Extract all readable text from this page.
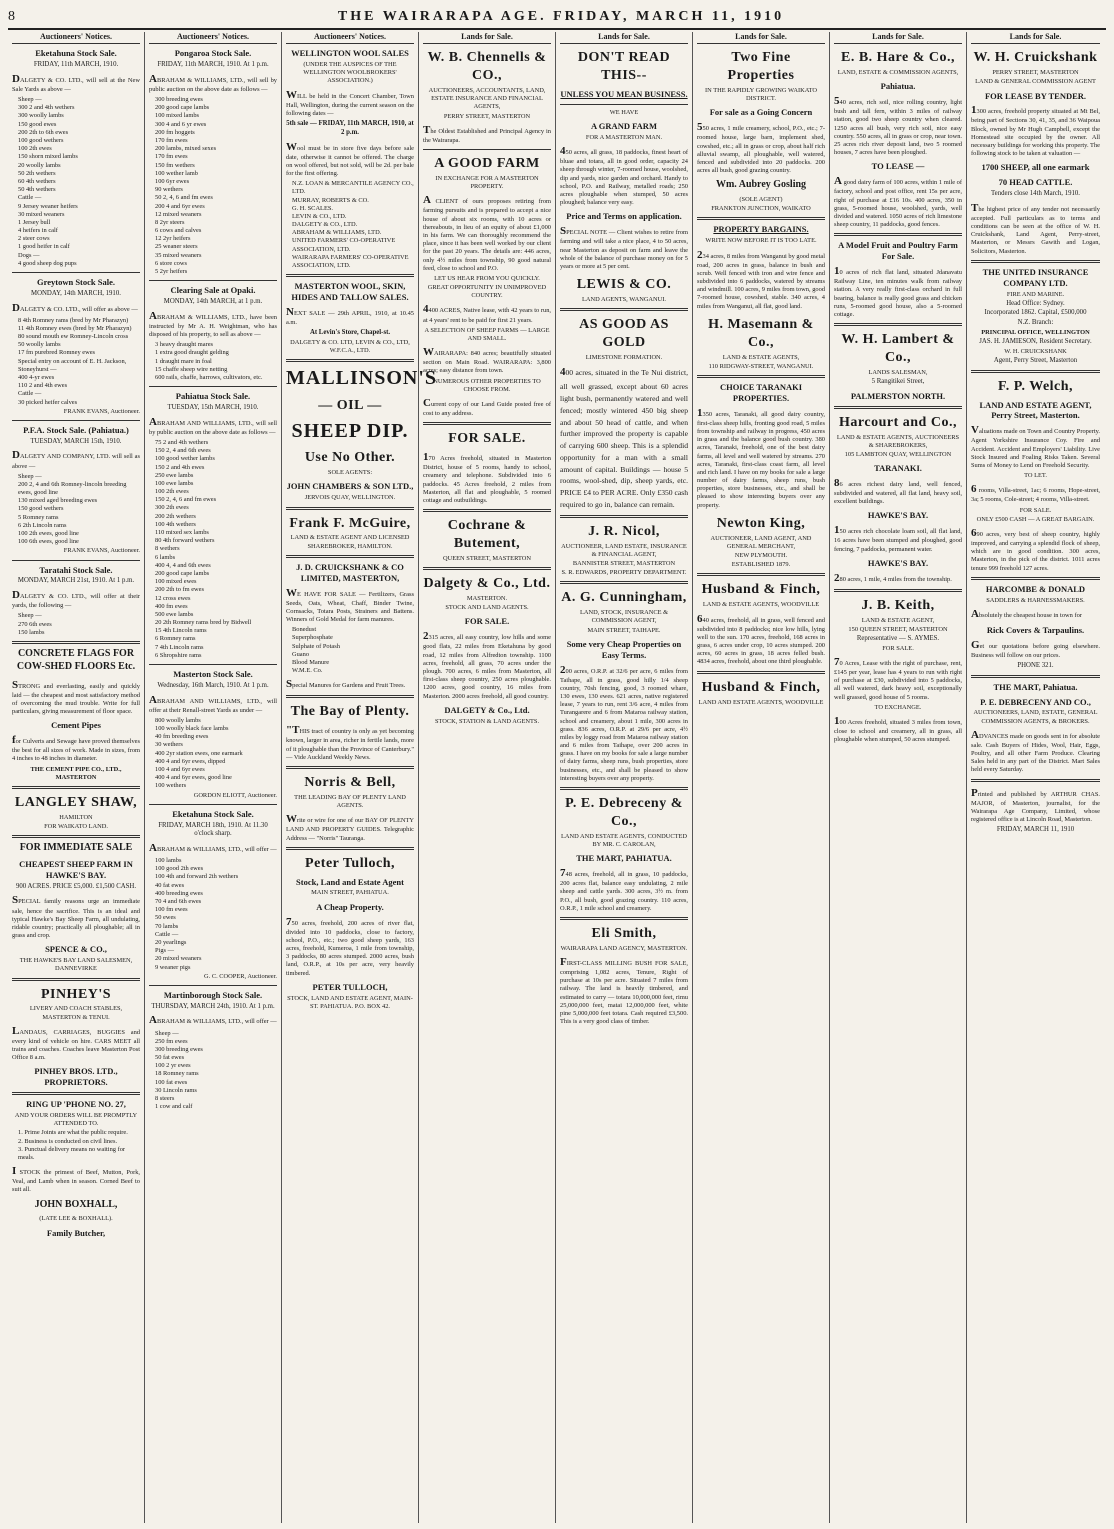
8	THE WAIRARAPA AGE. FRIDAY, MARCH 11, 1910
Auctioneers' Notices.
Eketahuna Stock Sale.
FRIDAY, 11th MARCH, 1910.
DALGETY & CO. LTD., will sell at the New Sale Yards as above —
Sheep —
300 2 and 4th wethers
300 woolly lambs
150 good ewes
200 2th to 6th ewes
100 good wethers
100 2th ewes
150 shorn mixed lambs
20 woolly lambs
50 2th wethers
60 4th wethers
50 4th wethers
Cattle —
9 Jersey weaner heifers
30 mixed weaners
1 Jersey bull
4 heifers in calf
2 steer cows
1 good heifer in calf
Dogs —
4 good sheep dog pups
Greytown Stock Sale.
MONDAY, 14th MARCH, 1910.
DALGETY & CO. LTD., will offer as above —
8 4th Romney rams (bred by Mr Pharazyn)
11 4th Romney ewes (bred by Mr Pharazyn)
80 sound mouth ew Romney-Lincoln cross
50 woolly lambs
17 fm purebred Romney ewes
Special entry on account of E. H. Jackson, Stoneyhurst —
400 4-yr ewes
110 2 and 4th ewes
Cattle —
30 picked heifer calves
FRANK EVANS, Auctioneer.
P.F.A. Stock Sale. (Pahiatua.)
TUESDAY, MARCH 15th, 1910.
DALGETY AND COMPANY, LTD. will sell as above —
Sheep —
200 2, 4 and 6th Romney-lincoln breeding ewes, good line
130 mixed aged breeding ewes
150 good wethers
5 Romney rams
6 2th Lincoln rams
100 2th ewes, good line
100 6th ewes, good line
FRANK EVANS, Auctioneer.
Taratahi Stock Sale.
MONDAY, MARCH 21st, 1910. At 1 p.m.
DALGETY & CO. LTD., will offer at their yards, the following —
Sheep —
270 6th ewes
150 lambs
CONCRETE FLAGS FOR COW-SHED FLOORS Etc.
STRONG and everlasting, easily and quickly laid — the cheapest and most satisfactory method of overcoming the mud trouble. Write for full particulars, giving measurement of floor space.
Cement Pipes
for Culverts and Sewage have proved themselves the best for all sizes of work. Made in sizes, from 4 inches to 48 inches in diameter.
THE CEMENT PIPE CO., LTD., MASTERTON
LANGLEY SHAW,
HAMILTON
FOR WAIKATO LAND.
FOR IMMEDIATE SALE
CHEAPEST SHEEP FARM IN HAWKE'S BAY.
900 ACRES. PRICE £5,000. £1,500 CASH.
SPECIAL family reasons urge an immediate sale, hence the sacrifice. This is an ideal and typical Hawke's Bay Sheep Farm, all undulating, ridable country; practically all ploughable; all in grass and crop.
SPENCE & CO.,
THE HAWKE'S BAY LAND SALESMEN, DANNEVIRKE
PINHEY'S
LIVERY AND COACH STABLES, MASTERTON & TENUI.
LANDAUS, CARRIAGES, BUGGIES and every kind of vehicle on hire. CARS MEET all trains and coaches. Coaches leave Masterton Post Office 8 a.m.
PINHEY BROS. LTD., PROPRIETORS.
RING UP 'PHONE NO. 27,
AND YOUR ORDERS WILL BE PROMPTLY ATTENDED TO.
1. Prime Joints are what the public require.
2. Business is conducted on civil lines.
3. Punctual delivery means no waiting for meals.
I STOCK the primest of Beef, Mutton, Pork, Veal, and Lamb when in season. Corned Beef to suit all.
JOHN BOXHALL,
(LATE LEE & BOXHALL).
Family Butcher,
Auctioneers' Notices.
Pongaroa Stock Sale.
FRIDAY, 11th MARCH, 1910. At 1 p.m.
ABRAHAM & WILLIAMS, LTD., will sell by public auction on the above date as follows —
300 breeding ewes
200 good cape lambs
100 mixed lambs
300 4 and 6 yr ewes
200 fm hoggets
170 fm ewes
200 lambs, mixed sexes
170 fm ewes
150 fm wethers
100 wether lamb
100 6yr ewes
90 wethers
50 2, 4, 6 and fm ewes
200 4 and 6yr ewes
12 mixed weaners
8 2yr steers
6 cows and calves
12 2yr heifers
25 weaner steers
35 mixed weaners
6 store cows
5 2yr heifers
Clearing Sale at Opaki.
MONDAY, 14th MARCH, at 1 p.m.
ABRAHAM & WILLIAMS, LTD., have been instructed by Mr A. H. Weightman, who has disposed of his property, to sell as above —
3 heavy draught mares
1 extra good draught gelding
1 draught mare in foal
15 chaffe sheep wire netting
600 rails, chaffe, harrows, cultivators, etc.
Pahiatua Stock Sale.
TUESDAY, 15th MARCH, 1910.
ABRAHAM AND WILLIAMS, LTD., will sell by public auction on the above date as follows —
75 2 and 4th wethers
150 2, 4 and 6th ewes
100 good wether lambs
150 2 and 4th ewes
250 ewe lambs
100 ewe lambs
100 2th ewes
150 2, 4, 6 and fm ewes
300 2th ewes
200 2th wethers
100 4th wethers
110 mixed sex lambs
80 4th forward wethers
8 wethers
6 lambs
400 4, 4 and 6th ewes
200 good cape lambs
100 mixed ewes
200 2th to fm ewes
12 cross ewes
400 fm ewes
500 ewe lambs
20 2th Romney rams bred by Bidwell
15 4th Lincoln rams
6 Romney rams
7 4th Lincoln rams
6 Shropshire rams
Masterton Stock Sale.
Wednesday, 16th March, 1910. At 1 p.m.
ABRAHAM AND WILLIAMS, LTD., will offer at their Renall-street Yards as under —
800 woolly lambs
100 woolly black face lambs
40 fm breeding ewes
30 wethers
400 2yr station ewes, one earmark
400 4 and 6yr ewes, dipped
100 4 and 6yr ewes
400 4 and 6yr ewes, good line
100 wethers
GORDON ELIOTT, Auctioneer.
Eketahuna Stock Sale.
FRIDAY, MARCH 18th, 1910. At 11.30 o'clock sharp.
ABRAHAM & WILLIAMS, LTD., will offer —
100 lambs
100 good 2th ewes
100 4th and forward 2th wethers
40 fat ewes
400 breeding ewes
70 4 and 6th ewes
100 fm ewes
50 ewes
70 lambs
Cattle —
20 yearlings
Pigs —
20 mixed weaners
9 weaner pigs
G. C. COOPER, Auctioneer.
Martinborough Stock Sale.
THURSDAY, MARCH 24th, 1910. At 1 p.m.
ABRAHAM & WILLIAMS, LTD., will offer —
Sheep —
250 fm ewes
300 breeding ewes
50 fat ewes
100 2 yr ewes
18 Romney rams
100 fat ewes
30 Lincoln rams
8 steers
1 cow and calf
Auctioneers' Notices.
WELLINGTON WOOL SALES
(UNDER THE AUSPICES OF THE WELLINGTON WOOLBROKERS' ASSOCIATION.)
WILL be held in the Concert Chamber, Town Hall, Wellington, during the current season on the following dates —
5th sale — FRIDAY, 11th MARCH, 1910, at 2 p.m.
Wool must be in store five days before sale date, otherwise it cannot be offered. The charge on wool offered, but not sold, will be 2d. per bale for the first offering.
N.Z. LOAN & MERCANTILE AGENCY CO., LTD.
MURRAY, ROBERTS & CO.
G. H. SCALES.
LEVIN & CO., LTD.
DALGETY & CO., LTD.
ABRAHAM & WILLIAMS, LTD.
UNITED FARMERS' CO-OPERATIVE ASSOCIATION, LTD.
WAIRARAPA FARMERS' CO-OPERATIVE ASSOCIATION, LTD.
MASTERTON WOOL, SKIN, HIDES AND TALLOW SALES.
NEXT SALE — 29th APRIL, 1910, at 10.45 a.m.
At Levin's Store, Chapel-st.
DALGETY & CO. LTD, LEVIN & CO., LTD, W.F.C.A., LTD.
MALLINSON'S
— OIL —
SHEEP DIP.
Use No Other.
SOLE AGENTS:
JOHN CHAMBERS & SON LTD.,
JERVOIS QUAY, WELLINGTON.
Frank F. McGuire,
LAND & ESTATE AGENT AND LICENSED SHAREBROKER, HAMILTON.
J. D. CRUICKSHANK & CO LIMITED, MASTERTON,
WE HAVE FOR SALE — Fertilizers, Grass Seeds, Oats, Wheat, Chaff, Binder Twine, Cornsacks, Totara Posts, Strainers and Battens. Winners of Gold Medal for farm manures.
Bonedust
Superphosphate
Sulphate of Potash
Guano
Blood Manure
W.M.E. Co.
Special Manures for Gardens and Fruit Trees.
The Bay of Plenty.
"THIS tract of country is only as yet becoming known, larger in area, richer in fertile lands, more of it ploughable than the Province of Canterbury." — Vide Auckland Weekly News.
Norris & Bell,
THE LEADING BAY OF PLENTY LAND AGENTS.
Write or wire for one of our BAY OF PLENTY LAND AND PROPERTY GUIDES. Telegraphic Address — "Norris" Tauranga.
Peter Tulloch,
Stock, Land and Estate Agent
MAIN STREET, PAHIATUA.
A Cheap Property.
750 acres, freehold, 200 acres of river flat, divided into 10 paddocks, close to factory, school, P.O., etc.; two good sheep yards, 163 acres, freehold, Kumeroa, 1 mile from township, 3 paddocks, 80 acres stumped. 2000 acres, bush land, O.R.P., at 10s per acre, very heavily timbered.
PETER TULLOCH,
STOCK, LAND AND ESTATE AGENT, MAIN-ST. PAHIATUA. P.O. BOX 42.
Lands for Sale.
W. B. Chennells & CO.,
AUCTIONEERS, ACCOUNTANTS, LAND, ESTATE INSURANCE AND FINANCIAL AGENTS,
PERRY STREET, MASTERTON
The Oldest Established and Principal Agency in the Wairarapa.
A GOOD FARM
IN EXCHANGE FOR A MASTERTON PROPERTY.
A CLIENT of ours proposes retiring from farming pursuits and is prepared to accept a nice house of about six rooms, with 10 acres or thereabouts, in lieu of an equity of about £1,000 in his farm. We can thoroughly recommend the place, since it has been well worked by our client for the past 20 years. The details are: 446 acres, only 4½ miles from township, 90 good natural feed, close to school and P.O.
LET US HEAR FROM YOU QUICKLY.
GREAT OPPORTUNITY IN UNIMPROVED COUNTRY.
4400 ACRES, Native lease, with 42 years to run, at 4 years' rent to be paid for first 21 years.
A SELECTION OF SHEEP FARMS — LARGE AND SMALL.
WAIRARAPA: 840 acres; beautifully situated section on Main Road. WAIRARAPA: 3,800 acres; easy distance from town.
NUMEROUS OTHER PROPERTIES TO CHOOSE FROM.
Current copy of our Land Guide posted free of cost to any address.
FOR SALE.
170 Acres freehold, situated in Masterton District, house of 5 rooms, handy to school, creamery and telephone. Subdivided into 6 paddocks. 45 Acres freehold, 2 miles from Masterton, all flat and ploughable, 5 roomed cottage and outbuildings.
Cochrane & Butement,
QUEEN STREET, MASTERTON
Dalgety & Co., Ltd.
MASTERTON.
STOCK AND LAND AGENTS.
FOR SALE.
2315 acres, all easy country, low hills and some good flats, 22 miles from Eketahuna by good road, 12 miles from Alfredton township. 1100 acres, freehold, all grass, 70 acres under the plough. 700 acres, 6 miles from Masterton, all first-class sheep country, 250 acres ploughable. 1200 acres, good country, 16 miles from Masterton. 2000 acres freehold, all good country.
DALGETY & Co., Ltd.
STOCK, STATION & LAND AGENTS.
Lands for Sale.
DON'T READ THIS--
UNLESS YOU MEAN BUSINESS.
WE HAVE
A GRAND FARM
FOR A MASTERTON MAN.
450 acres, all grass, 18 paddocks, finest heart of bluae and totara, all in good order, capacity 24 sheep through winter, 7-roomed house, woolshed, dip and yards, nice garden and orchard. Handy to school, P.O. and Railway, metalled roads; 250 acres ploughable when stumped, 50 acres ploughed; balance very easy.
Price and Terms on application.
SPECIAL NOTE — Client wishes to retire from farming and will take a nice place, 4 to 50 acres, near Masterton as deposit on farm and leave the whole of the balance of purchase money on for 5 years or more at 5 per cent.
LEWIS & CO.
LAND AGENTS, WANGANUI.
AS GOOD AS GOLD
LIMESTONE FORMATION.
400 acres, situated in the Te Nui district, all well grassed, except about 60 acres light bush, permanently watered and well fenced; mostly wintered 450 big sheep and about 50 head of cattle, and when further improved the property is capable of carrying 600 sheep. This is a splendid opportunity for a man with a small amount of capital. Buildings — house 5 rooms, wool-shed, dip, sheep yards, etc. PRICE £4 to PER ACRE. Only £350 cash required to go in, balance can remain.
J. R. Nicol,
AUCTIONEER, LAND ESTATE, INSURANCE & FINANCIAL AGENT,
BANNISTER STREET, MASTERTON
S. R. EDWARDS, PROPERTY DEPARTMENT.
A. G. Cunningham,
LAND, STOCK, INSURANCE & COMMISSION AGENT,
MAIN STREET, TAIHAPE.
Some very Cheap Properties on Easy Terms.
200 acres, O.R.P. at 32/6 per acre, 6 miles from Taihape, all in grass, good hilly 1/4 sheep country, 70sh fencing, good, 3 roomed whare, 130 ewes, 130 ewes. 621 acres, native registered lease, 7 years to run, rent 3/6 acre, 4 miles from Turangarere and 6 from Mataroa railway station, school and creamery, about 1 mile, 300 acres in grass. 836 acres, O.R.P. at 29/6 per acre, 4½ miles by loggy road from Mataroa railway station and 6 miles from Taihape, over 200 acres in grass. I have on my books for sale a large number of dairy farms, sheep runs, bush properties, store businesses, etc., and shall be pleased to show interesting buyers over any property.
P. E. Debreceny & Co.,
LAND AND ESTATE AGENTS, CONDUCTED BY MR. C. CAROLAN,
THE MART, PAHIATUA.
748 acres, freehold, all in grass, 10 paddocks, 200 acres flat, balance easy undulating, 2 mile sheep and cattle yards. 300 acres, 3½ m. from P.O., all bush, good grazing country. 110 acres, O.R.P., 1 mile school and creamery.
Eli Smith,
WAIRARAPA LAND AGENCY, MASTERTON.
FIRST-CLASS MILLING BUSH FOR SALE, comprising 1,082 acres, Tenure, Right of purchase at 10s per acre. Situated 7 miles from railway. The land is heavily timbered, and estimated to carry — totara 10,000,000 feet, rimu 25,000,000 feet, matai 12,000,000 feet, white pine 5,000,000 feet totara. Cash required £3,500. This is a very good class of timber.
Lands for Sale.
Two Fine Properties
IN THE RAPIDLY GROWING WAIKATO DISTRICT.
For sale as a Going Concern
550 acres, 1 mile creamery, school, P.O., etc.; 7-roomed house, large barn, implement shed, cowshed, etc.; all in grass or crop, about half rich alluvial swamp, all ploughable, well watered, fenced and subdivided into 20 paddocks. 200 acres all bush, good grazing country.
Wm. Aubrey Gosling
(SOLE AGENT)
FRANKTON JUNCTION, WAIKATO
PROPERTY BARGAINS.
WRITE NOW BEFORE IT IS TOO LATE.
234 acres, 8 miles from Wanganui by good metal road, 200 acres in grass, balance in bush and scrub. Well fenced with iron and wire fence and subdivided into 6 paddocks, watered by streams and windmill. 100 acres, 9 miles from town, good 7-roomed house, cowshed, stable. 340 acres, 4 miles from Wanganui, all flat, good land.
H. Masemann & Co.,
LAND & ESTATE AGENTS,
110 RIDGWAY-STREET, WANGANUI.
CHOICE TARANAKI PROPERTIES.
1350 acres, Taranaki, all good dairy country, first-class sheep hills, fronting good road, 5 miles from township and railway in progress, 450 acres in grass and the balance good bush country. 380 acres, Taranaki, freehold, one of the best dairy farms, all level and well watered by streams. 270 acres, Taranaki, first-class coast farm, all level and rich land. I have on my books for sale a large number of dairy farms, sheep runs, bush properties, store businesses, etc., and shall be pleased to show interesting buyers over any property.
Newton King,
AUCTIONEER, LAND AGENT, AND GENERAL MERCHANT,
NEW PLYMOUTH.
ESTABLISHED 1879.
Husband & Finch,
LAND & ESTATE AGENTS, WOODVILLE
640 acres, freehold, all in grass, well fenced and subdivided into 8 paddocks; nice low hills, lying well to the sun. 170 acres, freehold, 168 acres in grass, 6 acres under crop, 10 acres stumped. 200 acres, 60 acres in grass, 18 acres felled bush. 4834 acres, freehold, about one third ploughable.
Husband & Finch,
LAND AND ESTATE AGENTS, WOODVILLE
Lands for Sale.
E. B. Hare & Co.,
LAND, ESTATE & COMMISSION AGENTS,
Pahiatua.
540 acres, rich soil, nice rolling country, light bush and tall fern, within 3 miles of railway station, good two sheep country when cleared. 1250 acres all bush, very rich soil, nice easy country. 550 acres, all in grass or crop, near town. 25 acres rich river deposit land, two 5 roomed houses, 7 acres have been ploughed.
TO LEASE —
A good dairy farm of 100 acres, within 1 mile of factory, school and post office, rent 15s per acre, right of purchase at £16 10s. 400 acres, 350 in grass, 5-roomed house, woolshed, yards, well divided and watered. 1050 acres of rich limestone sheep country, 11 paddocks, good fences.
A Model Fruit and Poultry Farm For Sale.
10 acres of rich flat land, situated Jdanavatu Railway Line, ten minutes walk from railway station. A very really first-class orchard in full bearing, balance is really good grass and chicken runs, 5-roomed good house, also a 5-roomed cottage.
W. H. Lambert & Co.,
LANDS SALESMAN,
5 Rangitikei Street,
PALMERSTON NORTH.
Harcourt and Co.,
LAND & ESTATE AGENTS, AUCTIONEERS & SHAREBROKERS,
105 LAMBTON QUAY, WELLINGTON
TARANAKI.
86 acres richest dairy land, well fenced, subdivided and watered, all flat land, heavy soil, excellent buildings.
HAWKE'S BAY.
150 acres rich chocolate loam soil, all flat land, 16 acres have been stumped and ploughed, good fencing, 7 paddocks, permanent water.
HAWKE'S BAY.
280 acres, 1 mile, 4 miles from the township.
J. B. Keith,
LAND & ESTATE AGENT,
150 QUEEN STREET, MASTERTON
Representative — S. AYMES.
FOR SALE.
70 Acres, Lease with the right of purchase, rent, £145 per year, lease has 4 years to run with right of purchase at £30, subdivided into 5 paddocks, all well watered, dark heavy soil, exceptionally well grassed, good house of 5 rooms.
TO EXCHANGE.
100 Acres freehold, situated 3 miles from town, close to school and creamery, all in grass, all ploughable when stumped, 50 acres stumped.
Lands for Sale.
W. H. Cruickshank
PERRY STREET, MASTERTON
LAND & GENERAL COMMISSION AGENT
FOR LEASE BY TENDER.
1300 acres, freehold property situated at Mt Bel, being part of Sections 30, 41, 35, and 36 Waipoua Block, owned by Mr Hugh Campbell, except the Homestead site occupied by the owner. All necessary buildings for working this property. The following stock to be taken at valuation —
1700 SHEEP, all one earmark
70 HEAD CATTLE.
Tenders close 14th March, 1910.
The highest price of any tender not necessarily accepted. Full particulars as to terms and conditions can be seen at the office of W. H. Cruickshank, Land Agent, Perry-street, Masterton, or Messrs Gawith and Logan, Solicitors, Masterton.
THE UNITED INSURANCE COMPANY LTD.
FIRE AND MARINE.
Head Office: Sydney.
Incorporated 1862. Capital, £500,000
N.Z. Branch:
PRINCIPAL OFFICE, WELLINGTON
JAS. H. JAMIESON, Resident Secretary.
W. H. CRUICKSHANK
Agent, Perry Street, Masterton
F. P. Welch,
LAND AND ESTATE AGENT, Perry Street, Masterton.
Valuations made on Town and Country Property. Agent Yorkshire Insurance Coy. Fire and Accident. Accident and Employers' Liability. Live Stock Insured and Foaling Risks Taken. Several Sums of Money to Lend on Freehold Security.
TO LET.
6 rooms, Villa-street, 1ac; 6 rooms, Hope-street, 3a; 5 rooms, Cole-street; 4 rooms, Villa-street.
FOR SALE.
ONLY £500 CASH — A GREAT BARGAIN.
690 acres, very best of sheep country, highly improved, and carrying a splendid flock of sheep, which are in good condition. 300 acres, Masterton, in the pick of the district. 1011 acres tenure 999 freehold 127 acres.
HARCOMBE & DONALD
SADDLERS & HARNESSMAKERS.
Absolutely the cheapest house in town for
Rick Covers & Tarpaulins.
Get our quotations before going elsewhere. Business will follow on our prices.
PHONE 321.
THE MART, Pahiatua.
P. E. DEBRECENY AND CO.,
AUCTIONEERS, LAND, ESTATE, GENERAL COMMISSION AGENTS, & BROKERS.
ADVANCES made on goods sent in for absolute sale. Cash Buyers of Hides, Wool, Hair, Eggs, Poultry, and all other Farm Produce. Clearing Sales held in any part of the District. Mart Sales held every Saturday.
Printed and published by ARTHUR CHAS. MAJOR, of Masterton, journalist, for the Wairarapa Age Company, Limited, whose registered office is at Lincoln Road, Masterton.
FRIDAY, MARCH 11, 1910
